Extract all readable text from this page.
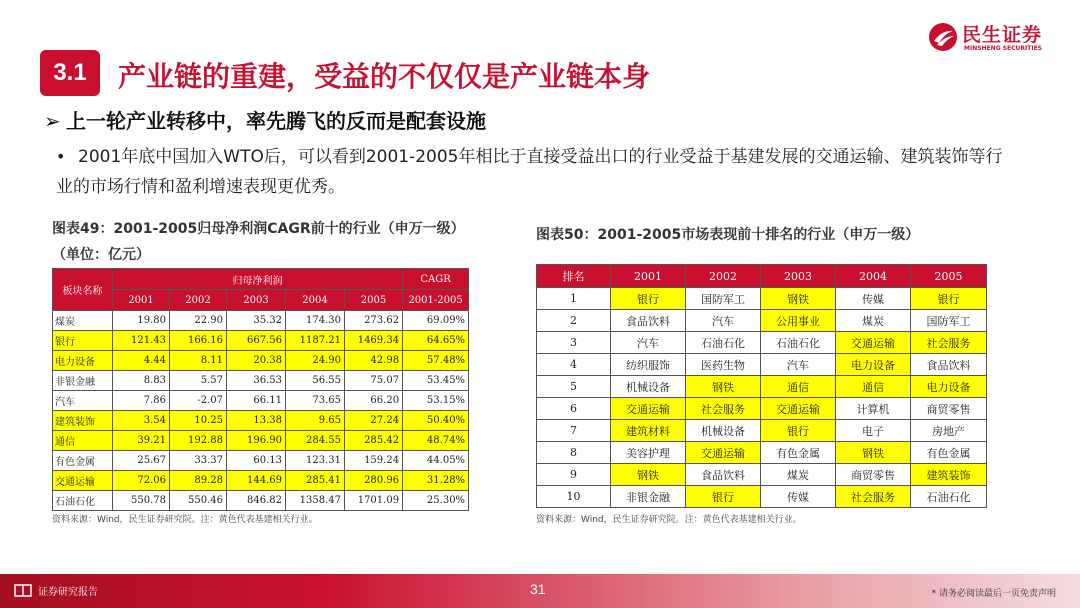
民生证券
MINSHENG SECURITIES
3.1	产业链的重建，受益的不仅仅是产业链本身
➢ 上一轮产业转移中，率先腾飞的反而是配套设施
• 2001年底中国加入WTO后，可以看到2001-2005年相比于直接受益出口的行业受益于基建发展的交通运输、建筑装饰等行业的市场行情和盈利增速表现更优秀。
图表49：2001-2005归母净利润CAGR前十的行业（申万一级）
（单位：亿元）
图表50：2001-2005市场表现前十排名的行业（申万一级）
板块名称	归母净利润					CAGR
	2001	2002	2003	2004	2005	2001-2005
煤炭	19.80	22.90	35.32	174.30	273.62	69.09%
银行	121.43	166.16	667.56	1187.21	1469.34	64.65%
电力设备	4.44	8.11	20.38	24.90	42.98	57.48%
非银金融	8.83	5.57	36.53	56.55	75.07	53.45%
汽车	7.86	-2.07	66.11	73.65	66.20	53.15%
建筑装饰	3.54	10.25	13.38	9.65	27.24	50.40%
通信	39.21	192.88	196.90	284.55	285.42	48.74%
有色金属	25.67	33.37	60.13	123.31	159.24	44.05%
交通运输	72.06	89.28	144.69	285.41	280.96	31.28%
石油石化	550.78	550.46	846.82	1358.47	1701.09	25.30%
资料来源：Wind，民生证券研究院。注：黄色代表基建相关行业。
排名	2001	2002	2003	2004	2005
1	银行	国防军工	钢铁	传媒	银行
2	食品饮料	汽车	公用事业	煤炭	国防军工
3	汽车	石油石化	石油石化	交通运输	社会服务
4	纺织服饰	医药生物	汽车	电力设备	食品饮料
5	机械设备	钢铁	通信	通信	电力设备
6	交通运输	社会服务	交通运输	计算机	商贸零售
7	建筑材料	机械设备	银行	电子	房地产
8	美容护理	交通运输	有色金属	钢铁	有色金属
9	钢铁	食品饮料	煤炭	商贸零售	建筑装饰
10	非银金融	银行	传媒	社会服务	石油石化
资料来源：Wind，民生证券研究院。注：黄色代表基建相关行业。
证券研究报告	31	* 请务必阅读最后一页免责声明
